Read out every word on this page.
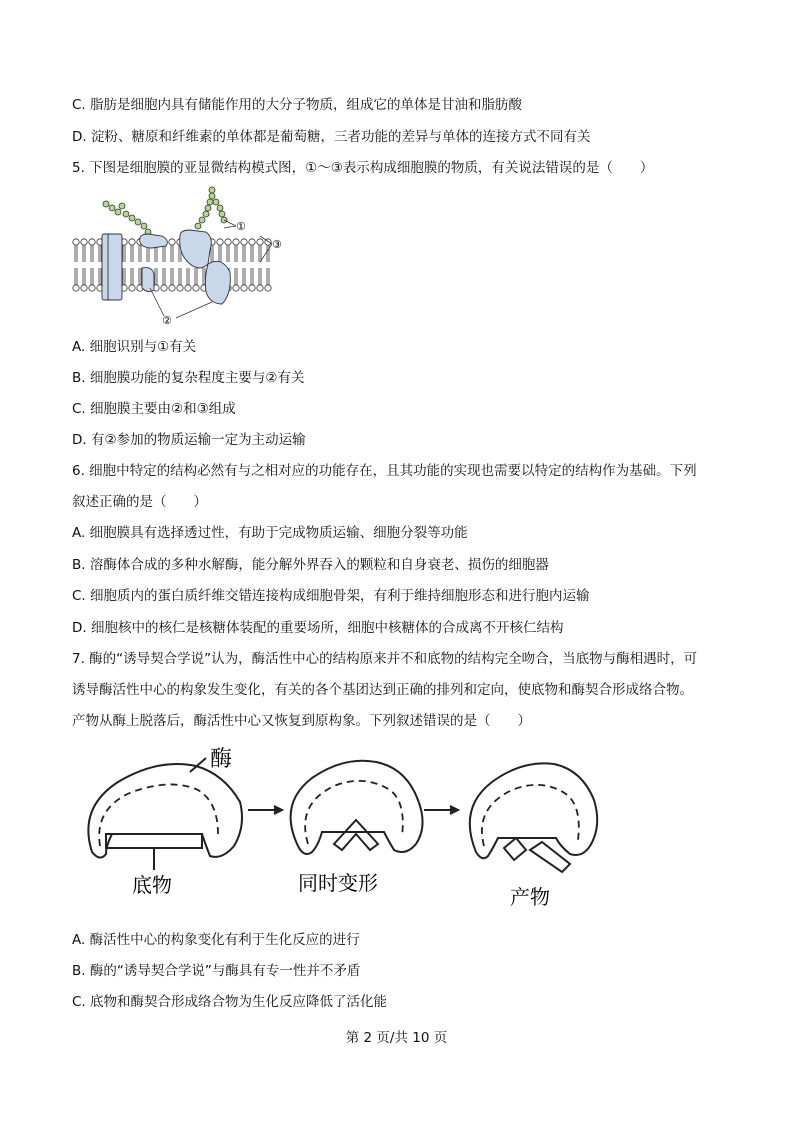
C. 脂肪是细胞内具有储能作用的大分子物质，组成它的单体是甘油和脂肪酸
D. 淀粉、糖原和纤维素的单体都是葡萄糖，三者功能的差异与单体的连接方式不同有关
5. 下图是细胞膜的亚显微结构模式图，①～③表示构成细胞膜的物质，有关说法错误的是（　　）
①
③
②
A. 细胞识别与①有关
B. 细胞膜功能的复杂程度主要与②有关
C. 细胞膜主要由②和③组成
D. 有②参加的物质运输一定为主动运输
6. 细胞中特定的结构必然有与之相对应的功能存在，且其功能的实现也需要以特定的结构作为基础。下列
叙述正确的是（　　）
A. 细胞膜具有选择透过性，有助于完成物质运输、细胞分裂等功能
B. 溶酶体合成的多种水解酶，能分解外界吞入的颗粒和自身衰老、损伤的细胞器
C. 细胞质内的蛋白质纤维交错连接构成细胞骨架，有利于维持细胞形态和进行胞内运输
D. 细胞核中的核仁是核糖体装配的重要场所，细胞中核糖体的合成离不开核仁结构
7. 酶的“诱导契合学说”认为，酶活性中心的结构原来并不和底物的结构完全吻合，当底物与酶相遇时，可
诱导酶活性中心的构象发生变化，有关的各个基团达到正确的排列和定向，使底物和酶契合形成络合物。
产物从酶上脱落后，酶活性中心又恢复到原构象。下列叙述错误的是（　　）
酶
底物	同时变形
产物
A. 酶活性中心的构象变化有利于生化反应的进行
B. 酶的“诱导契合学说”与酶具有专一性并不矛盾
C. 底物和酶契合形成络合物为生化反应降低了活化能
第 2 页/共 10 页
